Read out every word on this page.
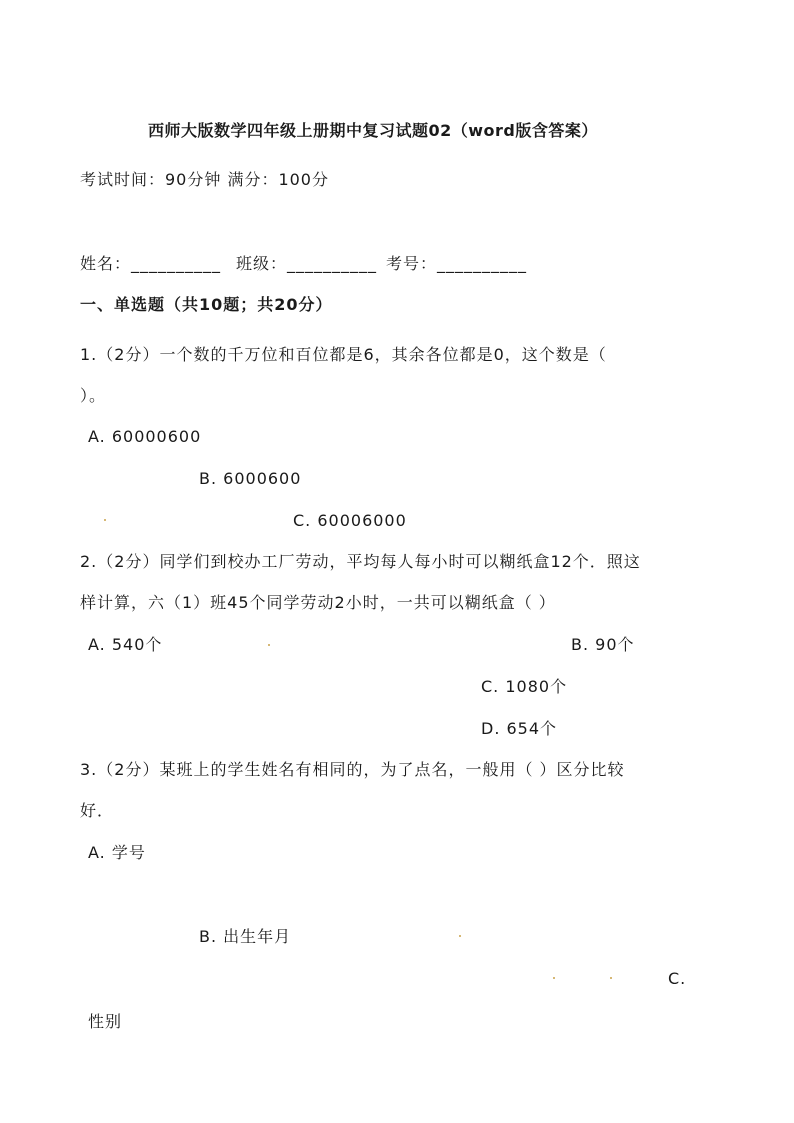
西师大版数学四年级上册期中复习试题02（word版含答案）
考试时间：90分钟 满分：100分
姓名：__________ 班级：__________ 考号：__________
一、单选题（共10题；共20分）
1.（2分）一个数的千万位和百位都是6，其余各位都是0，这个数是（
）。
A. 60000600
B. 6000600
C. 60006000
2.（2分）同学们到校办工厂劳动，平均每人每小时可以糊纸盒12个．照这
样计算，六（1）班45个同学劳动2小时，一共可以糊纸盒（ ）
A. 540个	B. 90个
C. 1080个
D. 654个
3.（2分）某班上的学生姓名有相同的，为了点名，一般用（ ）区分比较
好．
A. 学号
B. 出生年月
C.
性别
